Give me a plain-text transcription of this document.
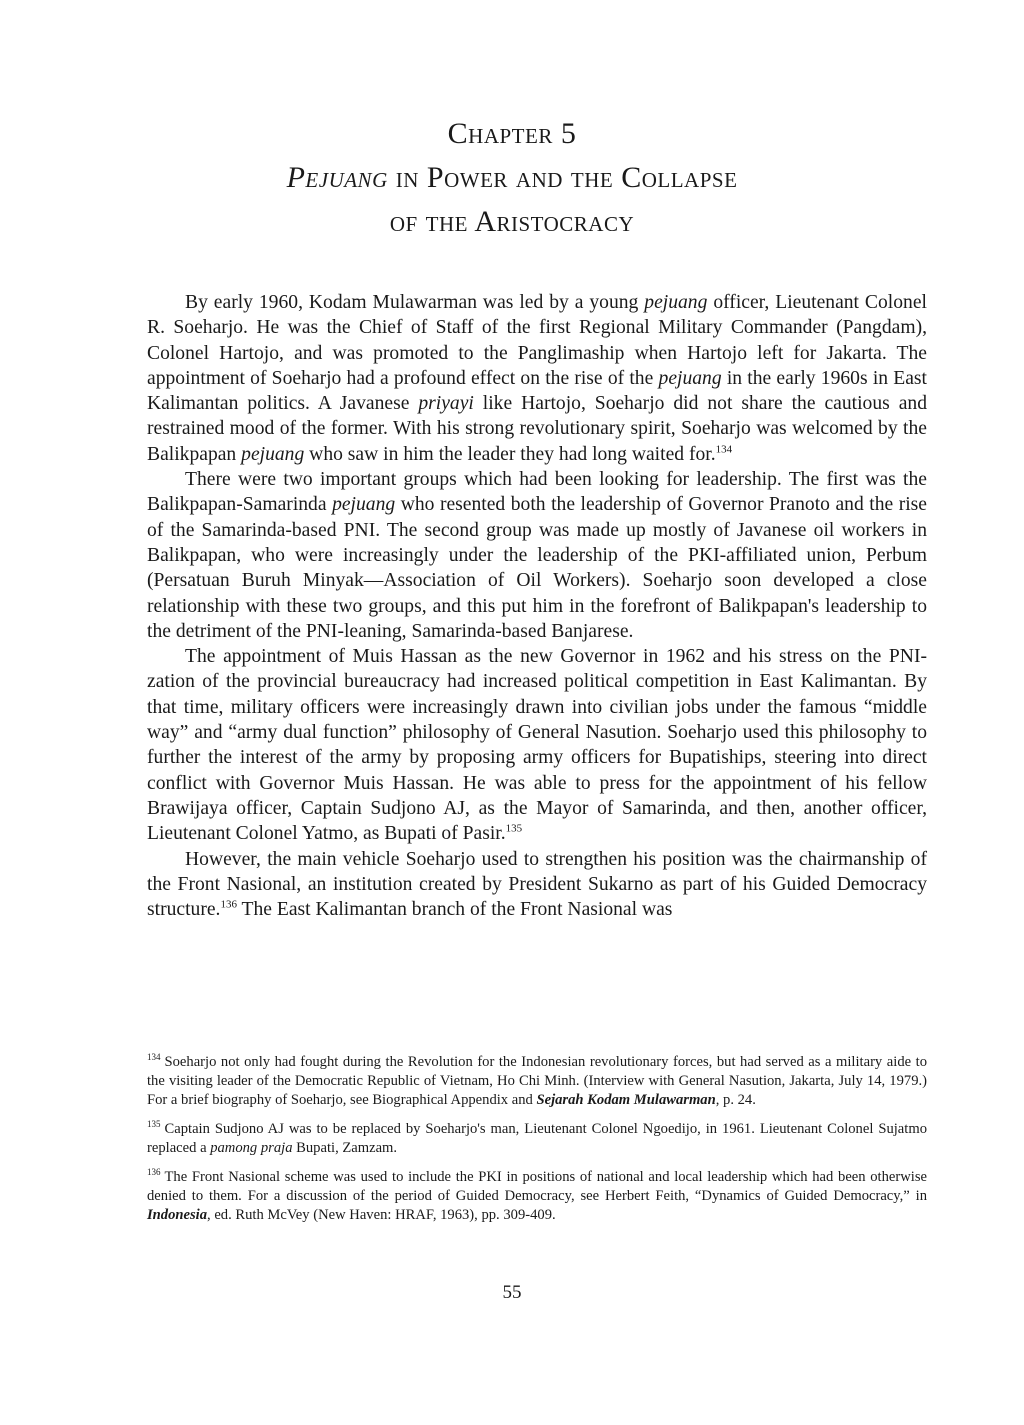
Chapter 5
Pejuang in Power and the Collapse
of the Aristocracy

By early 1960, Kodam Mulawarman was led by a young pejuang officer, Lieutenant Colonel R. Soeharjo. He was the Chief of Staff of the first Regional Military Commander (Pangdam), Colonel Hartojo, and was promoted to the Panglimaship when Hartojo left for Jakarta. The appointment of Soeharjo had a profound effect on the rise of the pejuang in the early 1960s in East Kalimantan politics. A Javanese priyayi like Hartojo, Soeharjo did not share the cautious and restrained mood of the former. With his strong revolutionary spirit, Soeharjo was welcomed by the Balikpapan pejuang who saw in him the leader they had long waited for.$^{134}$

There were two important groups which had been looking for leadership. The first was the Balikpapan-Samarinda pejuang who resented both the leadership of Governor Pranoto and the rise of the Samarinda-based PNI. The second group was made up mostly of Javanese oil workers in Balikpapan, who were increasingly under the leadership of the PKI-affiliated union, Perbum (Persatuan Buruh Minyak—Association of Oil Workers). Soeharjo soon developed a close relationship with these two groups, and this put him in the forefront of Balikpapan's leadership to the detriment of the PNI-leaning, Samarinda-based Banjarese.

The appointment of Muis Hassan as the new Governor in 1962 and his stress on the PNI-zation of the provincial bureaucracy had increased political competition in East Kalimantan. By that time, military officers were increasingly drawn into civilian jobs under the famous “middle way” and “army dual function” philosophy of General Nasution. Soeharjo used this philosophy to further the interest of the army by proposing army officers for Bupatiships, steering into direct conflict with Governor Muis Hassan. He was able to press for the appointment of his fellow Brawijaya officer, Captain Sudjono AJ, as the Mayor of Samarinda, and then, another officer, Lieutenant Colonel Yatmo, as Bupati of Pasir.$^{135}$

However, the main vehicle Soeharjo used to strengthen his position was the chairmanship of the Front Nasional, an institution created by President Sukarno as part of his Guided Democracy structure.$^{136}$ The East Kalimantan branch of the Front Nasional was

$^{134}$ Soeharjo not only had fought during the Revolution for the Indonesian revolutionary forces, but had served as a military aide to the visiting leader of the Democratic Republic of Vietnam, Ho Chi Minh. (Interview with General Nasution, Jakarta, July 14, 1979.) For a brief biography of Soeharjo, see Biographical Appendix and Sejarah Kodam Mulawarman, p. 24.

$^{135}$ Captain Sudjono AJ was to be replaced by Soeharjo's man, Lieutenant Colonel Ngoedijo, in 1961. Lieutenant Colonel Sujatmo replaced a pamong praja Bupati, Zamzam.

$^{136}$ The Front Nasional scheme was used to include the PKI in positions of national and local leadership which had been otherwise denied to them. For a discussion of the period of Guided Democracy, see Herbert Feith, “Dynamics of Guided Democracy,” in Indonesia, ed. Ruth McVey (New Haven: HRAF, 1963), pp. 309-409.

55
